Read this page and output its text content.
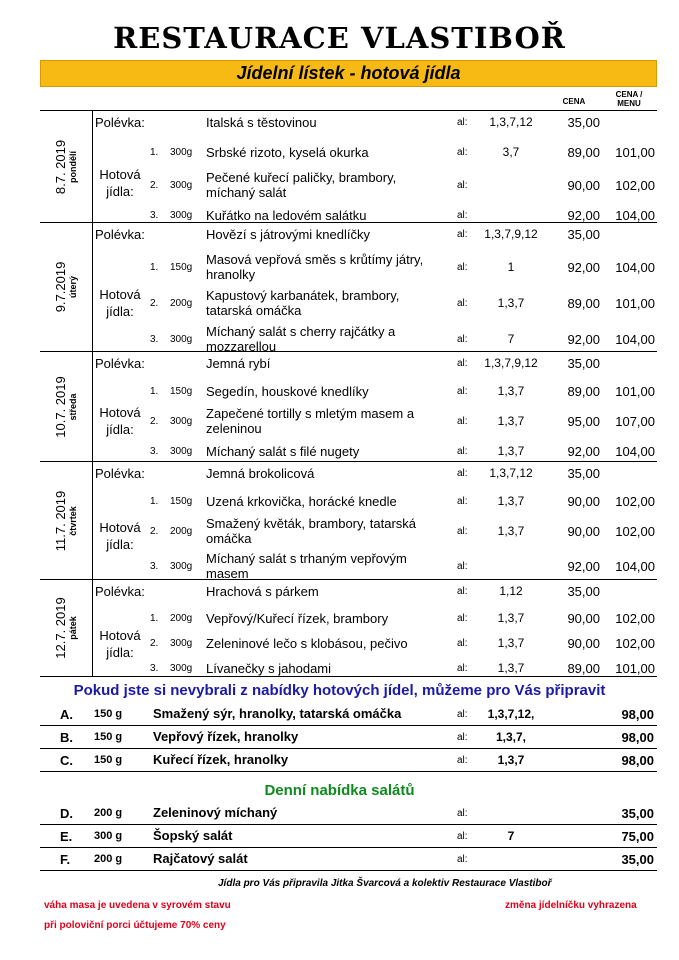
RESTAURACE VLASTIBOŘ
Jídelní lístek - hotová jídla
CENA
CENA /
MENU
8.7. 2019 pondělí
Polévka:	Italská s těstovinou	al:	1,3,7,12	35,00
1. 300g Srbské rizoto, kyselá okurka	al:	3,7	89,00	101,00
2. 300g Pečené kuřecí paličky, brambory,
míchaný salát	al:	90,00	102,00
3. 300g Kuřátko na ledovém salátku	al:	92,00	104,00
Hotová
jídla:
9.7.2019 úterý
Polévka:	Hovězí s játrovými knedlíčky	al:	1,3,7,9,12	35,00
1. 150g Masová vepřová směs s krůtímy játry,
hranolky	al:	1	92,00	104,00
2. 200g Kapustový karbanátek, brambory,
tatarská omáčka	al:	1,3,7	89,00	101,00
3. 300g Míchaný salát s cherry rajčátky a
mozzarellou	al:	7	92,00	104,00
Hotová
jídla:
10.7. 2019 středa
Polévka:	Jemná rybí	al:	1,3,7,9,12	35,00
1. 150g Segedín, houskové knedlíky	al:	1,3,7	89,00	101,00
2. 300g Zapečené tortilly s mletým masem a
zeleninou	al:	1,3,7	95,00	107,00
3. 300g Míchaný salát s filé nugety	al:	1,3,7	92,00	104,00
Hotová
jídla:
11.7. 2019 čtvrtek
Polévka:	Jemná brokolicová	al:	1,3,7,12	35,00
1. 150g Uzená krkovička, horácké knedle	al:	1,3,7	90,00	102,00
2. 200g Smažený květák, brambory, tatarská
omáčka	al:	1,3,7	90,00	102,00
3. 300g Míchaný salát s trhaným vepřovým
masem	al:	92,00	104,00
Hotová
jídla:
12.7. 2019 pátek
Polévka:	Hrachová s párkem	al:	1,12	35,00
1. 200g Vepřový/Kuřecí řízek, brambory	al:	1,3,7	90,00	102,00
2. 300g Zeleninové lečo s klobásou, pečivo	al:	1,3,7	90,00	102,00
3. 300g Lívanečky s jahodami	al:	1,3,7	89,00	101,00
Hotová
jídla:
Pokud jste si nevybrali z nabídky hotových jídel, můžeme pro Vás připravit
A. 150 g Smažený sýr, hranolky, tatarská omáčka	al:	1,3,7,12,	98,00
B. 150 g Vepřový řízek, hranolky	al:	1,3,7,	98,00
C. 150 g Kuřecí řízek, hranolky	al:	1,3,7	98,00
Denní nabídka salátů
D. 200 g Zeleninový míchaný	al:	35,00
E. 300 g Šopský salát	al:	7	75,00
F. 200 g Rajčatový salát	al:	35,00
Jídla pro Vás připravila Jitka Švarcová a kolektiv Restaurace Vlastiboř
váha masa je uvedena v syrovém stavu
při poloviční porci účtujeme 70% ceny
změna jídelníčku vyhrazena
